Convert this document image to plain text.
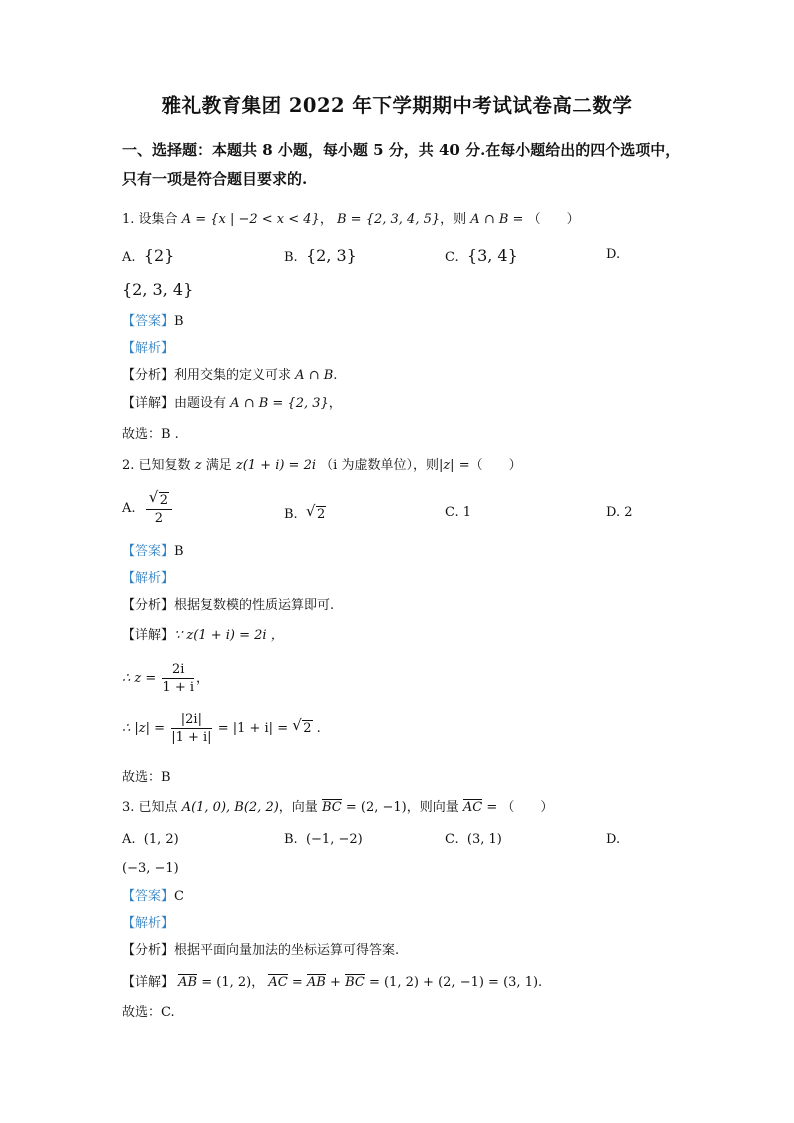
雅礼教育集团 2022 年下学期期中考试试卷高二数学
一、选择题：本题共 8 小题，每小题 5 分，共 40 分.在每小题给出的四个选项中，
只有一项是符合题目要求的.
1. 设集合 A = {x | −2 < x < 4}， B = {2, 3, 4, 5}，则 A ∩ B = （　　）
A. {2}	B. {2, 3}	C. {3, 4}	D.
{2, 3, 4}
【答案】B
【解析】
【分析】利用交集的定义可求 A ∩ B.
【详解】由题设有 A ∩ B = {2, 3}，
故选：B .
2. 已知复数 z 满足 z(1 + i) = 2i （i 为虚数单位），则|z| =（　　）
A. $\frac{√ 2}{2}$	B. √ 2	C. 1	D. 2
【答案】B
【解析】
【分析】根据复数模的性质运算即可.
【详解】∵ z(1 + i) = 2i ，
∴ $z = \frac{2i}{1 + i}$ ，
∴ $|z| = \frac{|2i|}{|1 + i|} = |1 + i|$ = √ 2 .
故选：B
3. 已知点 A(1, 0), B(2, 2)，向量 BC = (2, −1)，则向量 AC = （　　）
A. (1, 2)	B. (−1, −2)	C. (3, 1)	D.
(−3, −1)
【答案】C
【解析】
【分析】根据平面向量加法的坐标运算可得答案.
【详解】 AB = (1, 2)， AC = AB + BC = (1, 2) + (2, −1) = (3, 1).
故选：C.
